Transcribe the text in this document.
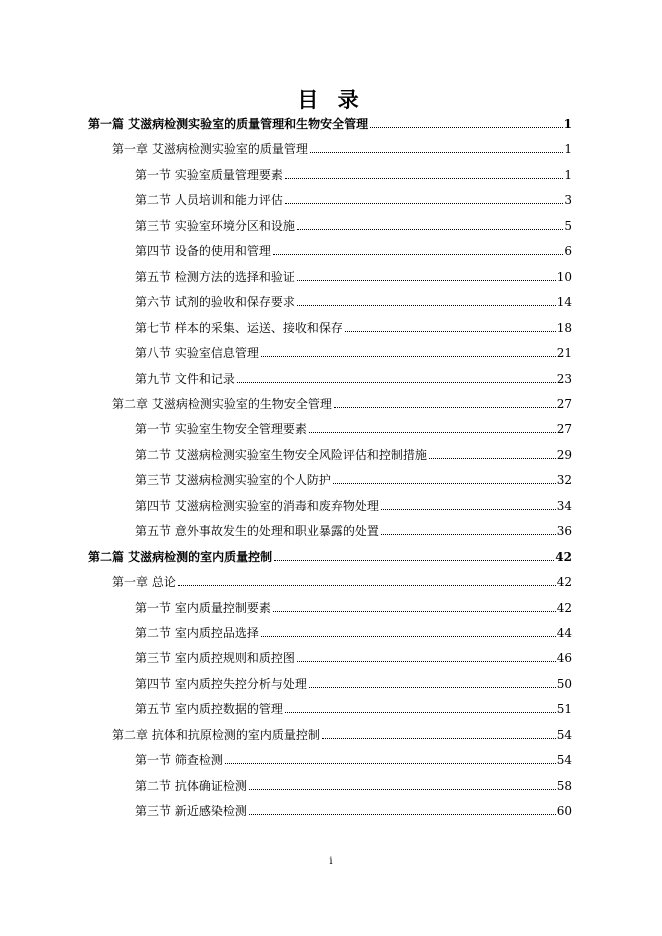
目 录
第一篇 艾滋病检测实验室的质量管理和生物安全管理	1
第一章 艾滋病检测实验室的质量管理	1
第一节 实验室质量管理要素	1
第二节 人员培训和能力评估	3
第三节 实验室环境分区和设施	5
第四节 设备的使用和管理	6
第五节 检测方法的选择和验证	10
第六节 试剂的验收和保存要求	14
第七节 样本的采集、运送、接收和保存	18
第八节 实验室信息管理	21
第九节 文件和记录	23
第二章 艾滋病检测实验室的生物安全管理	27
第一节 实验室生物安全管理要素	27
第二节 艾滋病检测实验室生物安全风险评估和控制措施	29
第三节 艾滋病检测实验室的个人防护	32
第四节 艾滋病检测实验室的消毒和废弃物处理	34
第五节 意外事故发生的处理和职业暴露的处置	36
第二篇 艾滋病检测的室内质量控制	42
第一章 总论	42
第一节 室内质量控制要素	42
第二节 室内质控品选择	44
第三节 室内质控规则和质控图	46
第四节 室内质控失控分析与处理	50
第五节 室内质控数据的管理	51
第二章 抗体和抗原检测的室内质量控制	54
第一节 筛查检测	54
第二节 抗体确证检测	58
第三节 新近感染检测	60
i
